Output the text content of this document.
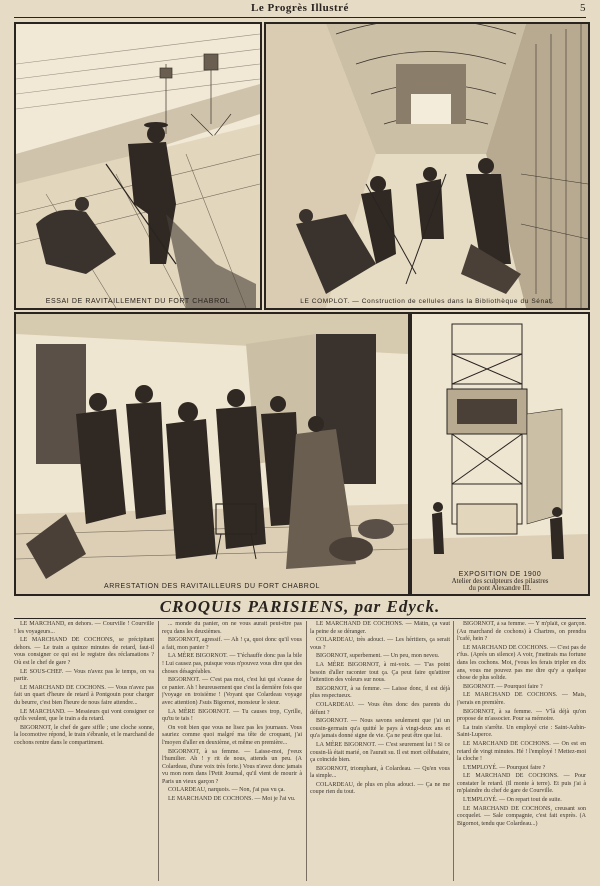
Le Progrès Illustré	5
ESSAI DE RAVITAILLEMENT DU FORT CHABROL	LE COMPLOT. — Construction de cellules dans la Bibliothèque du Sénat.
ARRESTATION DES RAVITAILLEURS DU FORT CHABROL
EXPOSITION DE 1900
Atelier des sculpteurs des pilastres
du pont Alexandre III.
CROQUIS PARISIENS, par Edyck.

LE MARCHAND, en dehors. — Courville ! Courville ! les voyageurs...

LE MARCHAND DE COCHONS, se précipitant dehors. — Le train a quinze minutes de retard, faut-il vous consigner ce qui est le registre des réclamations ? Où est le chef de gare ?

LE SOUS-CHEF. — Vous n'avez pas le temps, on va partir.

LE MARCHAND DE COCHONS. — Vous n'avez pas fait un quart d'heure de retard à Pontgouin pour charger du beurre, c'est bien l'heure de nous faire attendre...

LE MARCHAND. — Messieurs qui vont consigner ce qu'ils veulent, que le train a du retard.

BIGORNOT, le chef de gare siffle ; une cloche sonne, la locomotive répond, le train s'ébranle, et le marchand de cochons rentre dans le compartiment.

... monde du panier, on ne vous aurait peut-être pas reçu dans les deuxièmes.

BIGORNOT, agressif. — Ah ! ça, quoi donc qu'il vous a fait, mon panier ?

LA MÈRE BIGORNOT. — T'échauffe donc pas la bile ! Lui causez pas, puisque vous n'pouvez vous dire que des choses désagréables.

BIGORNOT. — C'est pas moi, c'est lui qui s'cause de ce panier. Ah ! heureusement que c'est la dernière fois que j'voyage en troisième ! (Voyant que Colardeau voyage avec attention) J'suis Bigornot, monsieur le sieur.

LA MÈRE BIGORNOT. — Tu causes trop, Cyrille, qu'tu te tais !

On voit bien que vous ne lisez pas les journaux. Vous sauriez comme quoi malgré ma tête de croquant, j'ai l'moyen d'aller en deuxième, et même en première...

BIGORNOT, à sa femme. — Laisse-moi, j'veux l'humilier. Ah ! y rit de nous, attends un peu. (A Colardeau, d'une voix très forte.) Vous n'avez donc jamais vu mon nom dans l'Petit Journal, qu'il vient de mourir à Paris un vieux garçon ?

COLARDEAU, narquois. — Non, j'ai pas vu ça.

LE MARCHAND DE COCHONS. — Moi je l'ai vu.

LE MARCHAND DE COCHONS. — Mâtin, ça vaut la peine de se déranger.

COLARDEAU, très adouci. — Les héritiers, ça serait vous ?

BIGORNOT, superbement. — Un peu, mon neveu.

LA MÈRE BIGORNOT, à mi-voix. — T'as point besoin d'aller raconter tout ça. Ça peut faire qu'attirer l'attention des voleurs sur nous.

BIGORNOT, à sa femme. — Laisse donc, il est déjà plus respectueux.

COLARDEAU. — Vous êtes donc des parents du défunt ?

BIGORNOT. — Nous savons seulement que j'ai un cousin-germain qu'a quitté le pays à vingt-deux ans et qu'a jamais donné signe de vie. Ça ne peut être que lui.

LA MÈRE BIGORNOT. — C'est seurement lui ! Si ce cousin-là était marié, on l'aurait su. Il est mort célibataire, ça coïncide bien.

BIGORNOT, triomphant, à Colardeau. — Qu'en vous la simple...

COLARDEAU, de plus en plus adouci. — Ça ne me coupe rien du tout.

BIGORNOT, à sa femme. — Y m'plaît, ce garçon. (Au marchand de cochons) à Chartres, on prendra l'café, hein ?

LE MARCHAND DE COCHONS. — C'est pas de r'fus. (Après un silence) A voir, j'mettrais ma fortune dans les cochons. Moi, j'vous les ferais tripler en dix ans, vous me pouvez pas me dire qu'y a quelque chose de plus solide.

BIGORNOT. — Pourquoi faire ?

LE MARCHAND DE COCHONS. — Mais, j'serais en première.

BIGORNOT, à sa femme. — V'là déjà qu'on propose de m'associer. Pour sa mémoire.

La train s'arrête. Un employé crie : Saint-Aubin-Saint-Luperce.

LE MARCHAND DE COCHONS. — On est en retard de vingt minutes. Hé ! l'employé ! Mettez-moi la cloche !

L'EMPLOYÉ. — Pourquoi faire ?

LE MARCHAND DE COCHONS. — Pour constater le retard. (Il monte à terre). Et puis j'ai à m'plaindre du chef de gare de Courville.

L'EMPLOYÉ. — On repart tout de suite.

LE MARCHAND DE COCHONS, creusant son cocquelet. — Sale compagnie, c'est fait exprès. (A Bigornot, tendu que Colardeau...)
